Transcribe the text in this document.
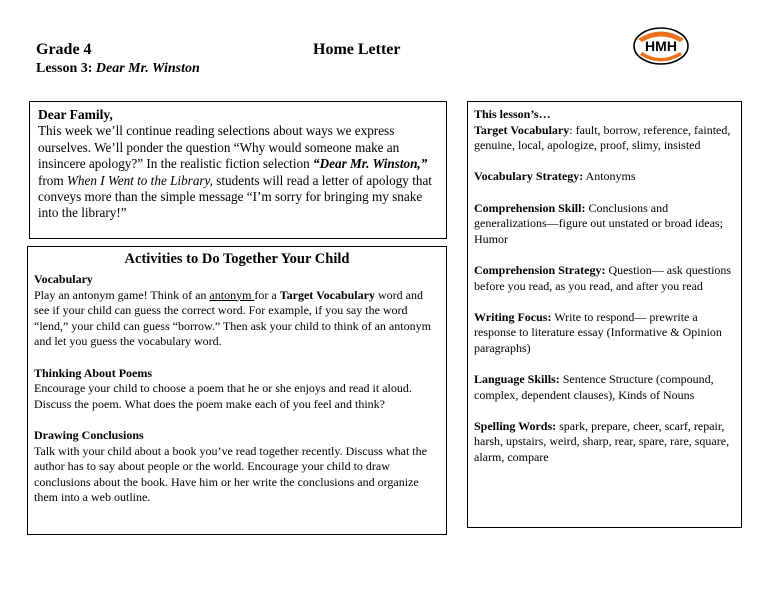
Grade 4	Home Letter
Lesson 3: Dear Mr. Winston
HMH
Dear Family,
This week we’ll continue reading selections about ways we express ourselves. We’ll ponder the question “Why would someone make an insincere apology?” In the realistic fiction selection “Dear Mr. Winston,” from When I Went to the Library, students will read a letter of apology that conveys more than the simple message “I’m sorry for bringing my snake into the library!”
Activities to Do Together Your Child
Vocabulary
Play an antonym game! Think of an antonym for a Target Vocabulary word and see if your child can guess the correct word. For example, if you say the word “lend,” your child can guess “borrow.” Then ask your child to think of an antonym and let you guess the vocabulary word.
Thinking About Poems
Encourage your child to choose a poem that he or she enjoys and read it aloud. Discuss the poem. What does the poem make each of you feel and think?
Drawing Conclusions
Talk with your child about a book you’ve read together recently. Discuss what the author has to say about people or the world. Encourage your child to draw conclusions about the book. Have him or her write the conclusions and organize them into a web outline.
This lesson’s…
Target Vocabulary: fault, borrow, reference, fainted, genuine, local, apologize, proof, slimy, insisted
Vocabulary Strategy: Antonyms
Comprehension Skill: Conclusions and generalizations—figure out unstated or broad ideas; Humor
Comprehension Strategy: Question— ask questions before you read, as you read, and after you read
Writing Focus: Write to respond— prewrite a response to literature essay (Informative & Opinion paragraphs)
Language Skills: Sentence Structure (compound, complex, dependent clauses), Kinds of Nouns
Spelling Words: spark, prepare, cheer, scarf, repair, harsh, upstairs, weird, sharp, rear, spare, rare, square, alarm, compare
